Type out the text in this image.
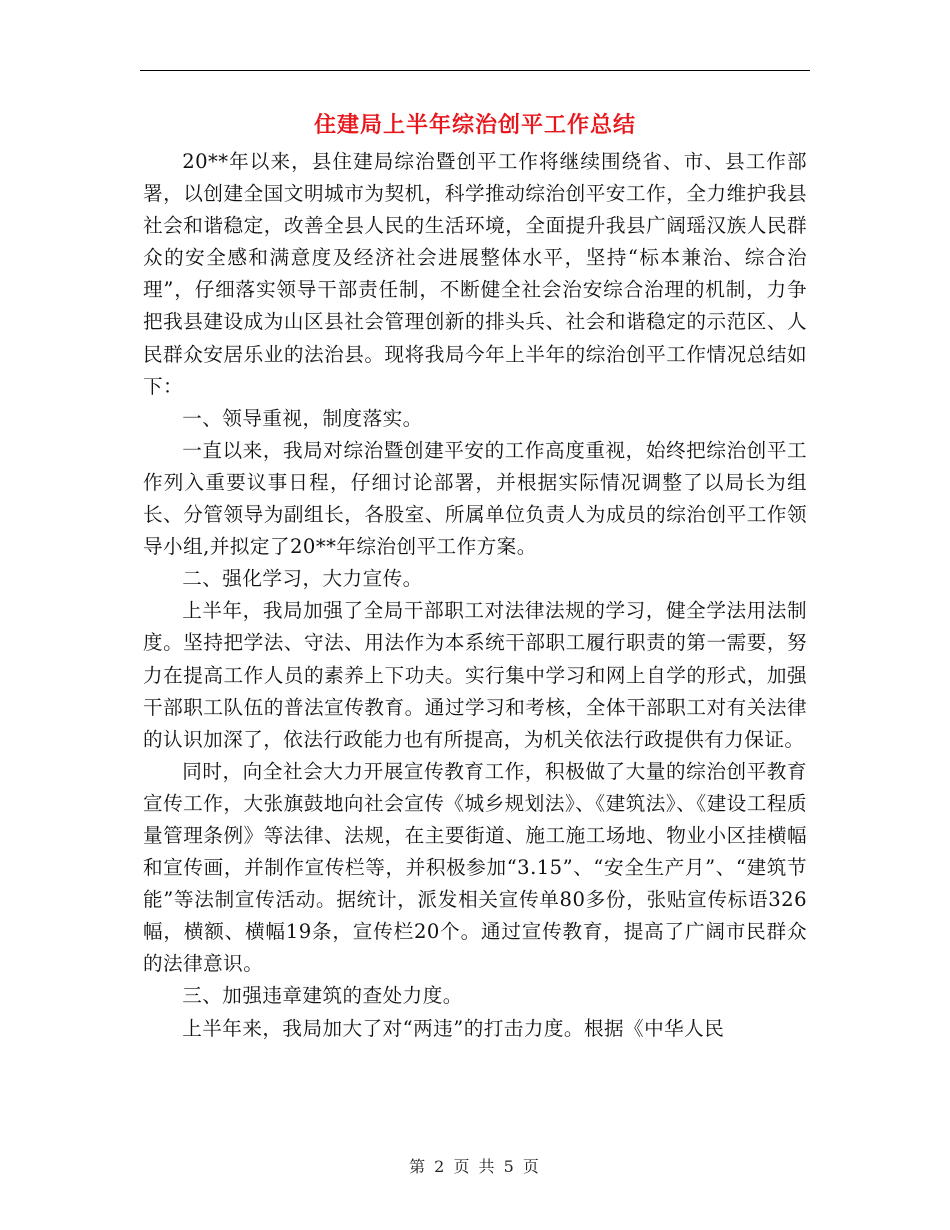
住建局上半年综治创平工作总结

20**年以来，县住建局综治暨创平工作将继续围绕省、市、县工作部署，以创建全国文明城市为契机，科学推动综治创平安工作，全力维护我县社会和谐稳定，改善全县人民的生活环境，全面提升我县广阔瑶汉族人民群众的安全感和满意度及经济社会进展整体水平，坚持“标本兼治、综合治理”，仔细落实领导干部责任制，不断健全社会治安综合治理的机制，力争把我县建设成为山区县社会管理创新的排头兵、社会和谐稳定的示范区、人民群众安居乐业的法治县。现将我局今年上半年的综治创平工作情况总结如下：

一、领导重视，制度落实。

一直以来，我局对综治暨创建平安的工作高度重视，始终把综治创平工作列入重要议事日程，仔细讨论部署，并根据实际情况调整了以局长为组长、分管领导为副组长，各股室、所属单位负责人为成员的综治创平工作领导小组,并拟定了20**年综治创平工作方案。

二、强化学习，大力宣传。

上半年，我局加强了全局干部职工对法律法规的学习，健全学法用法制度。坚持把学法、守法、用法作为本系统干部职工履行职责的第一需要，努力在提高工作人员的素养上下功夫。实行集中学习和网上自学的形式，加强干部职工队伍的普法宣传教育。通过学习和考核，全体干部职工对有关法律的认识加深了，依法行政能力也有所提高，为机关依法行政提供有力保证。

同时，向全社会大力开展宣传教育工作，积极做了大量的综治创平教育宣传工作，大张旗鼓地向社会宣传《城乡规划法》、《建筑法》、《建设工程质量管理条例》等法律、法规，在主要街道、施工施工场地、物业小区挂横幅和宣传画，并制作宣传栏等，并积极参加“3.15”、“安全生产月”、“建筑节能”等法制宣传活动。据统计，派发相关宣传单80多份，张贴宣传标语326幅，横额、横幅19条，宣传栏20个。通过宣传教育，提高了广阔市民群众的法律意识。

三、加强违章建筑的查处力度。

上半年来，我局加大了对“两违”的打击力度。根据《中华人民

第 2 页 共 5 页
